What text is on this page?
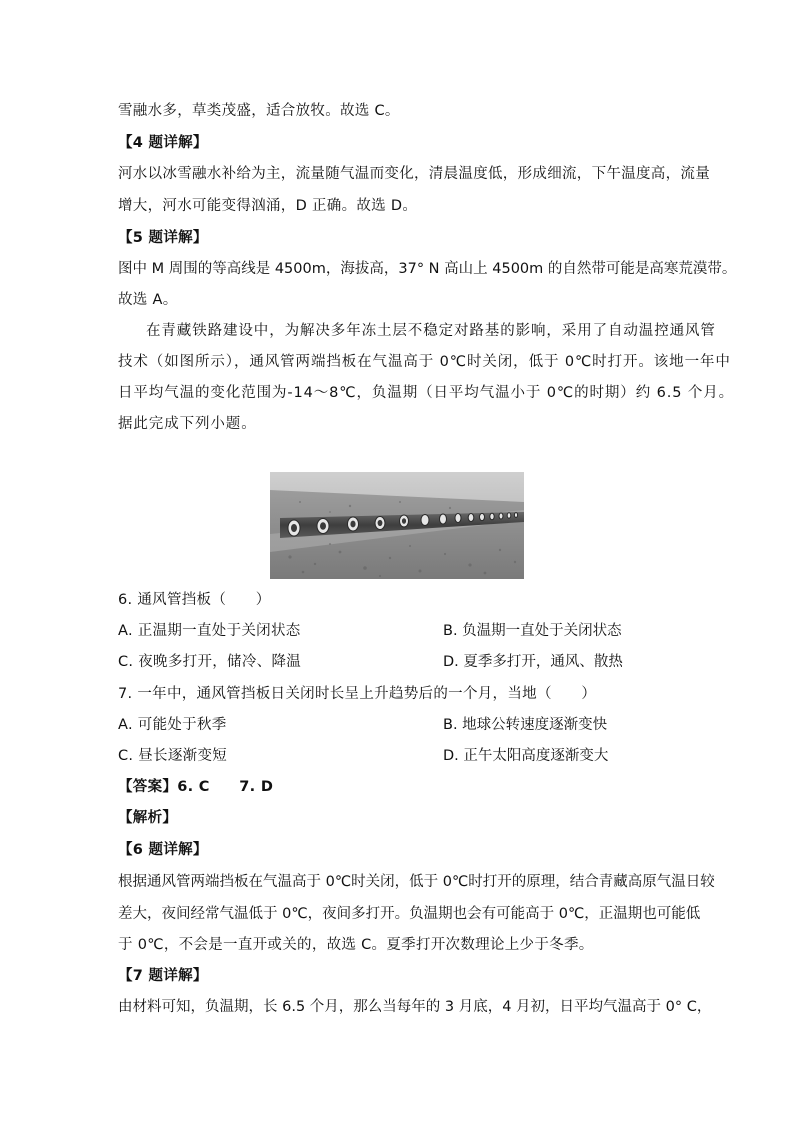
雪融水多，草类茂盛，适合放牧。故选 C。
【4 题详解】
河水以冰雪融水补给为主，流量随气温而变化，清晨温度低，形成细流，下午温度高，流量
增大，河水可能变得汹涌，D 正确。故选 D。
【5 题详解】
图中 M 周围的等高线是 4500m，海拔高，37° N 高山上 4500m 的自然带可能是高寒荒漠带。
故选 A。
在青藏铁路建设中，为解决多年冻土层不稳定对路基的影响，采用了自动温控通风管
技术（如图所示），通风管两端挡板在气温高于 0℃时关闭，低于 0℃时打开。该地一年中
日平均气温的变化范围为-14～8℃，负温期（日平均气温小于 0℃的时期）约 6.5 个月。
据此完成下列小题。
6. 通风管挡板（　　）
A. 正温期一直处于关闭状态	B. 负温期一直处于关闭状态
C. 夜晚多打开，储冷、降温	D. 夏季多打开，通风、散热
7. 一年中，通风管挡板日关闭时长呈上升趋势后的一个月，当地（　　）
A. 可能处于秋季	B. 地球公转速度逐渐变快
C. 昼长逐渐变短	D. 正午太阳高度逐渐变大
【答案】6. C　　7. D
【解析】
【6 题详解】
根据通风管两端挡板在气温高于 0℃时关闭，低于 0℃时打开的原理，结合青藏高原气温日较
差大，夜间经常气温低于 0℃，夜间多打开。负温期也会有可能高于 0℃，正温期也可能低
于 0℃，不会是一直开或关的，故选 C。夏季打开次数理论上少于冬季。
【7 题详解】
由材料可知，负温期，长 6.5 个月，那么当每年的 3 月底，4 月初，日平均气温高于 0° C，
